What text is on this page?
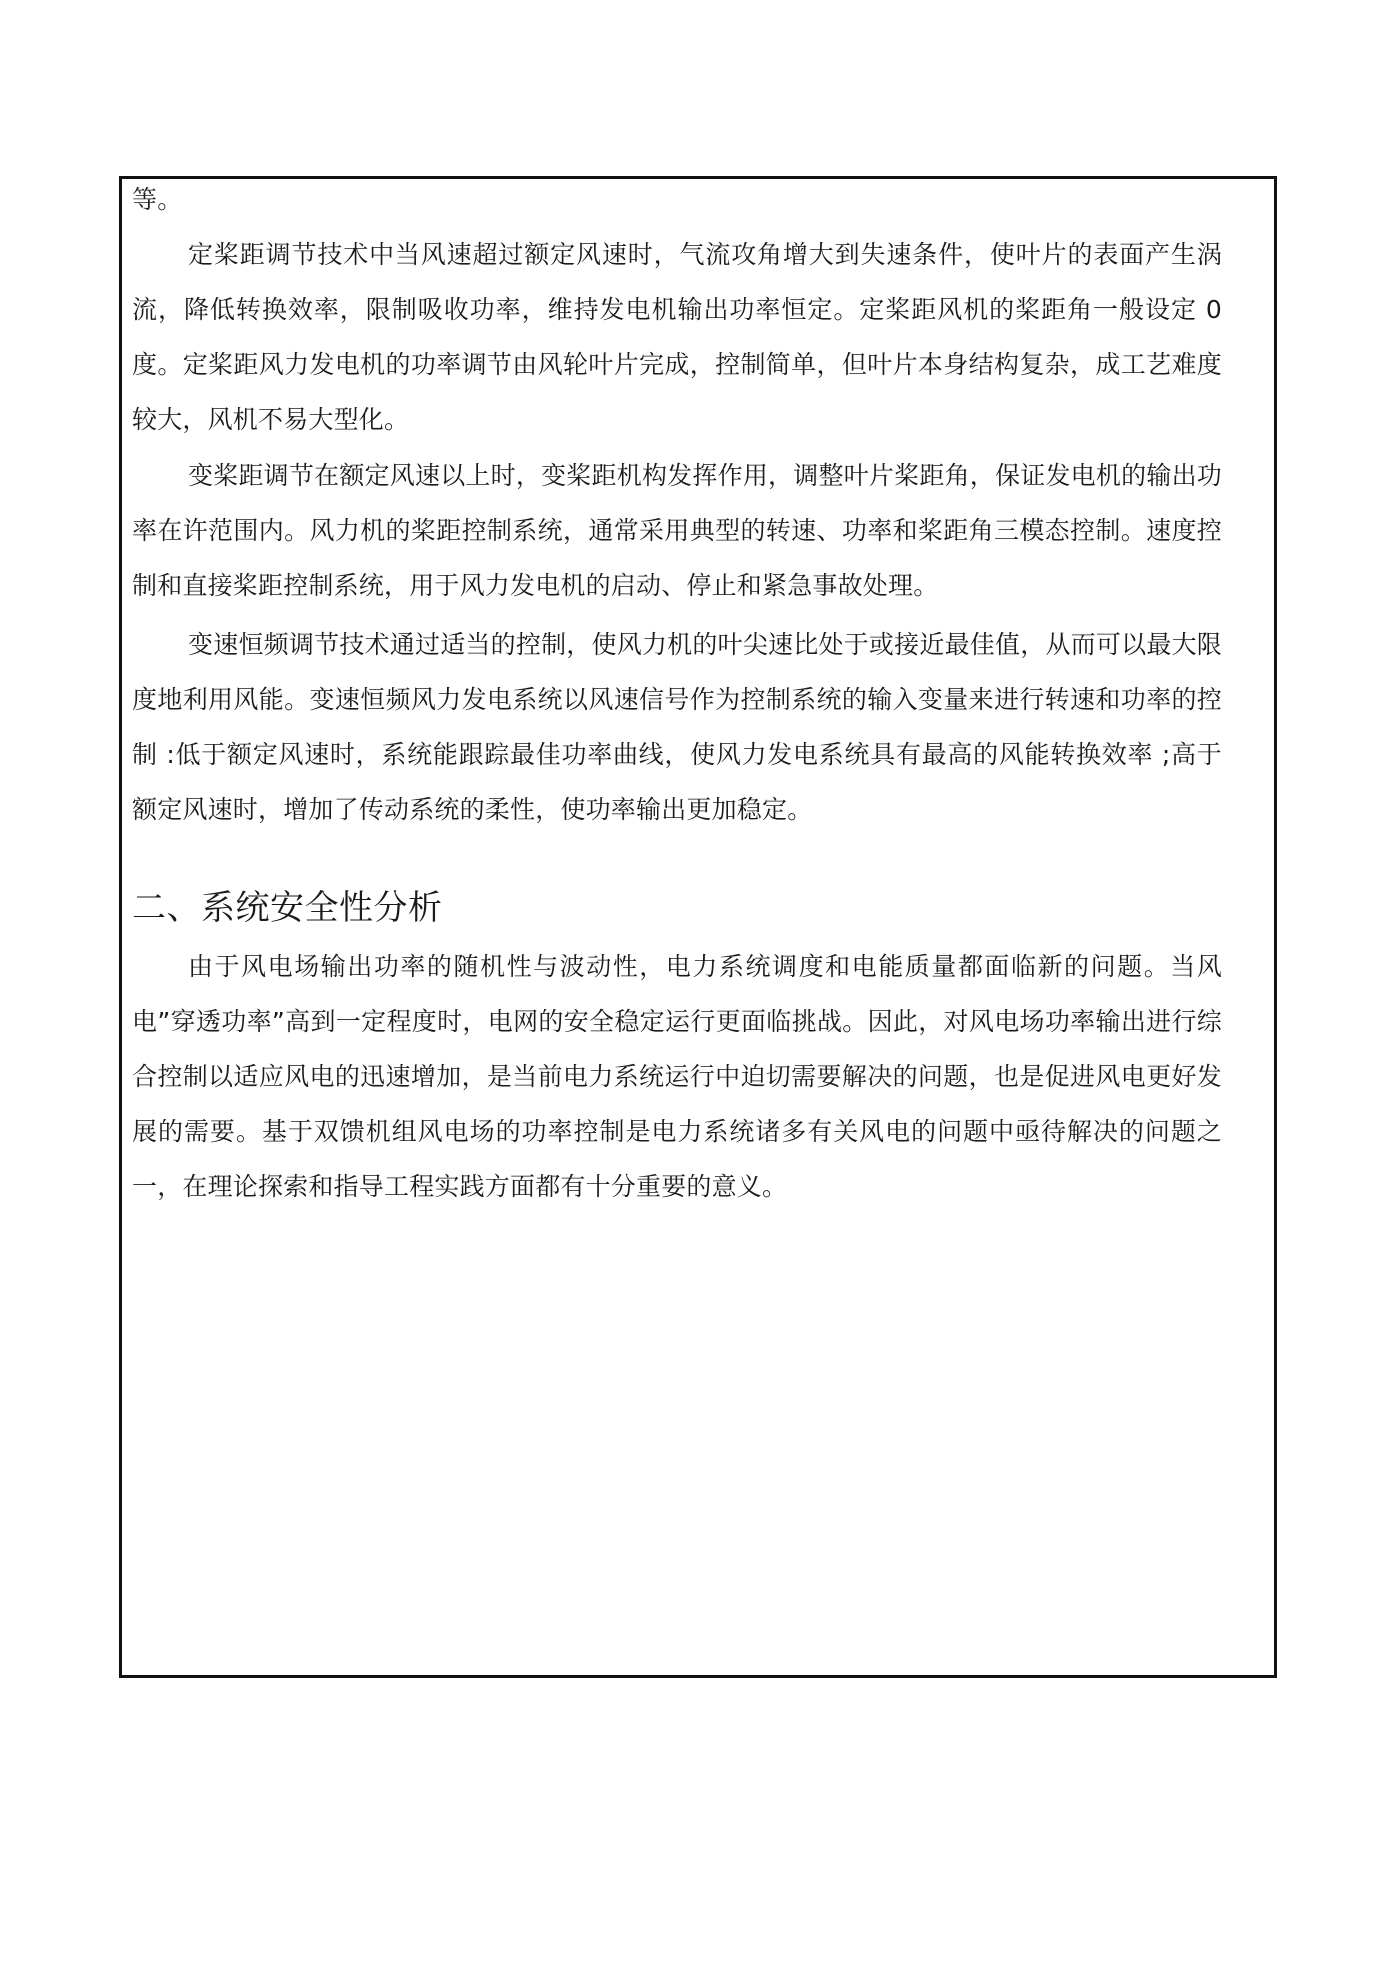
等。

定桨距调节技术中当风速超过额定风速时，气流攻角增大到失速条件，使叶片的表面产生涡流，降低转换效率，限制吸收功率，维持发电机输出功率恒定。定桨距风机的桨距角一般设定 0 度。定桨距风力发电机的功率调节由风轮叶片完成，控制简单，但叶片本身结构复杂，成工艺难度较大，风机不易大型化。

变桨距调节在额定风速以上时，变桨距机构发挥作用，调整叶片桨距角，保证发电机的输出功率在许范围内。风力机的桨距控制系统，通常采用典型的转速、功率和桨距角三模态控制。速度控制和直接桨距控制系统，用于风力发电机的启动、停止和紧急事故处理。

变速恒频调节技术通过适当的控制，使风力机的叶尖速比处于或接近最佳值，从而可以最大限度地利用风能。变速恒频风力发电系统以风速信号作为控制系统的输入变量来进行转速和功率的控制 :低于额定风速时，系统能跟踪最佳功率曲线，使风力发电系统具有最高的风能转换效率 ;高于额定风速时，增加了传动系统的柔性，使功率输出更加稳定。

二、系统安全性分析

由于风电场输出功率的随机性与波动性，电力系统调度和电能质量都面临新的问题。当风电”穿透功率”高到一定程度时，电网的安全稳定运行更面临挑战。因此，对风电场功率输出进行综合控制以适应风电的迅速增加，是当前电力系统运行中迫切需要解决的问题，也是促进风电更好发展的需要。基于双馈机组风电场的功率控制是电力系统诸多有关风电的问题中亟待解决的问题之一，在理论探索和指导工程实践方面都有十分重要的意义。
